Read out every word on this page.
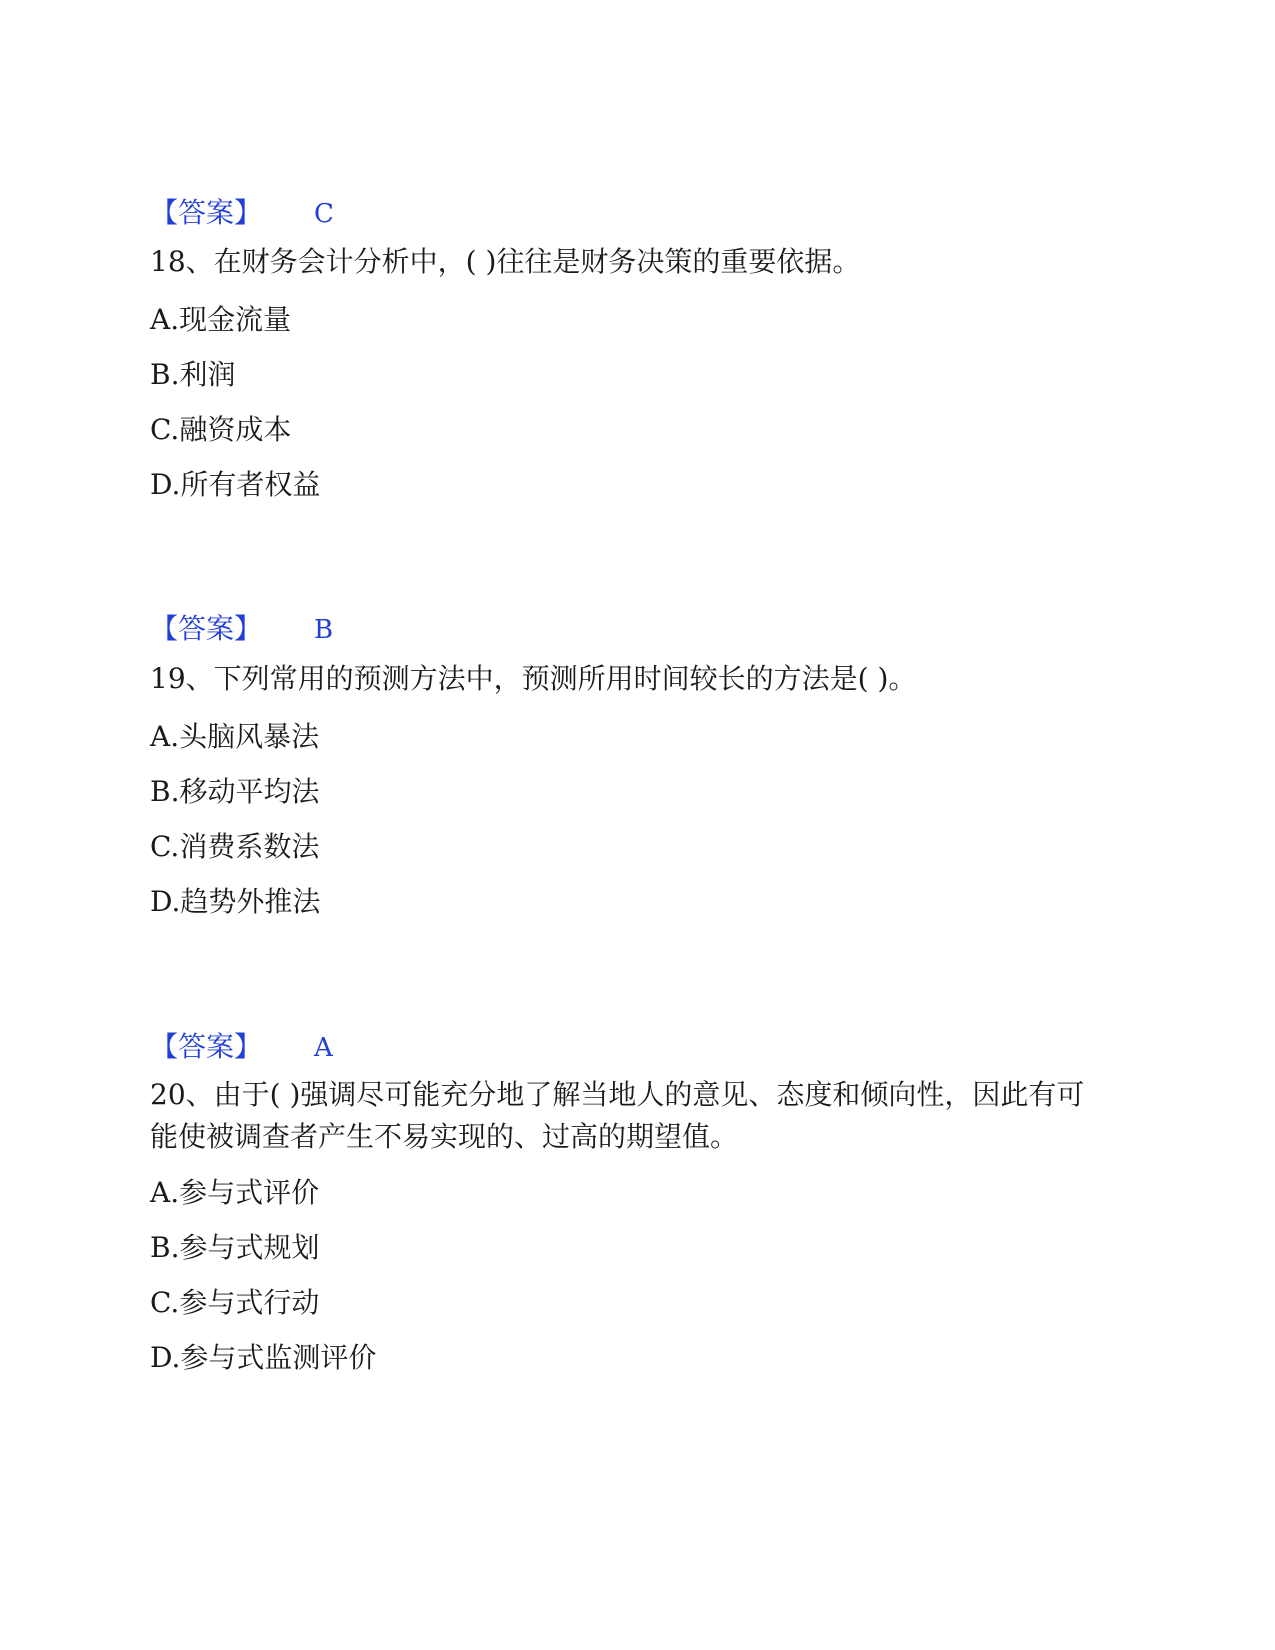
【答案】 C
18、在财务会计分析中，( )往往是财务决策的重要依据。
A.现金流量
B.利润
C.融资成本
D.所有者权益
【答案】 B
19、下列常用的预测方法中，预测所用时间较长的方法是( )。
A.头脑风暴法
B.移动平均法
C.消费系数法
D.趋势外推法
【答案】 A
20、由于( )强调尽可能充分地了解当地人的意见、态度和倾向性，因此有可能使被调查者产生不易实现的、过高的期望值。
A.参与式评价
B.参与式规划
C.参与式行动
D.参与式监测评价
